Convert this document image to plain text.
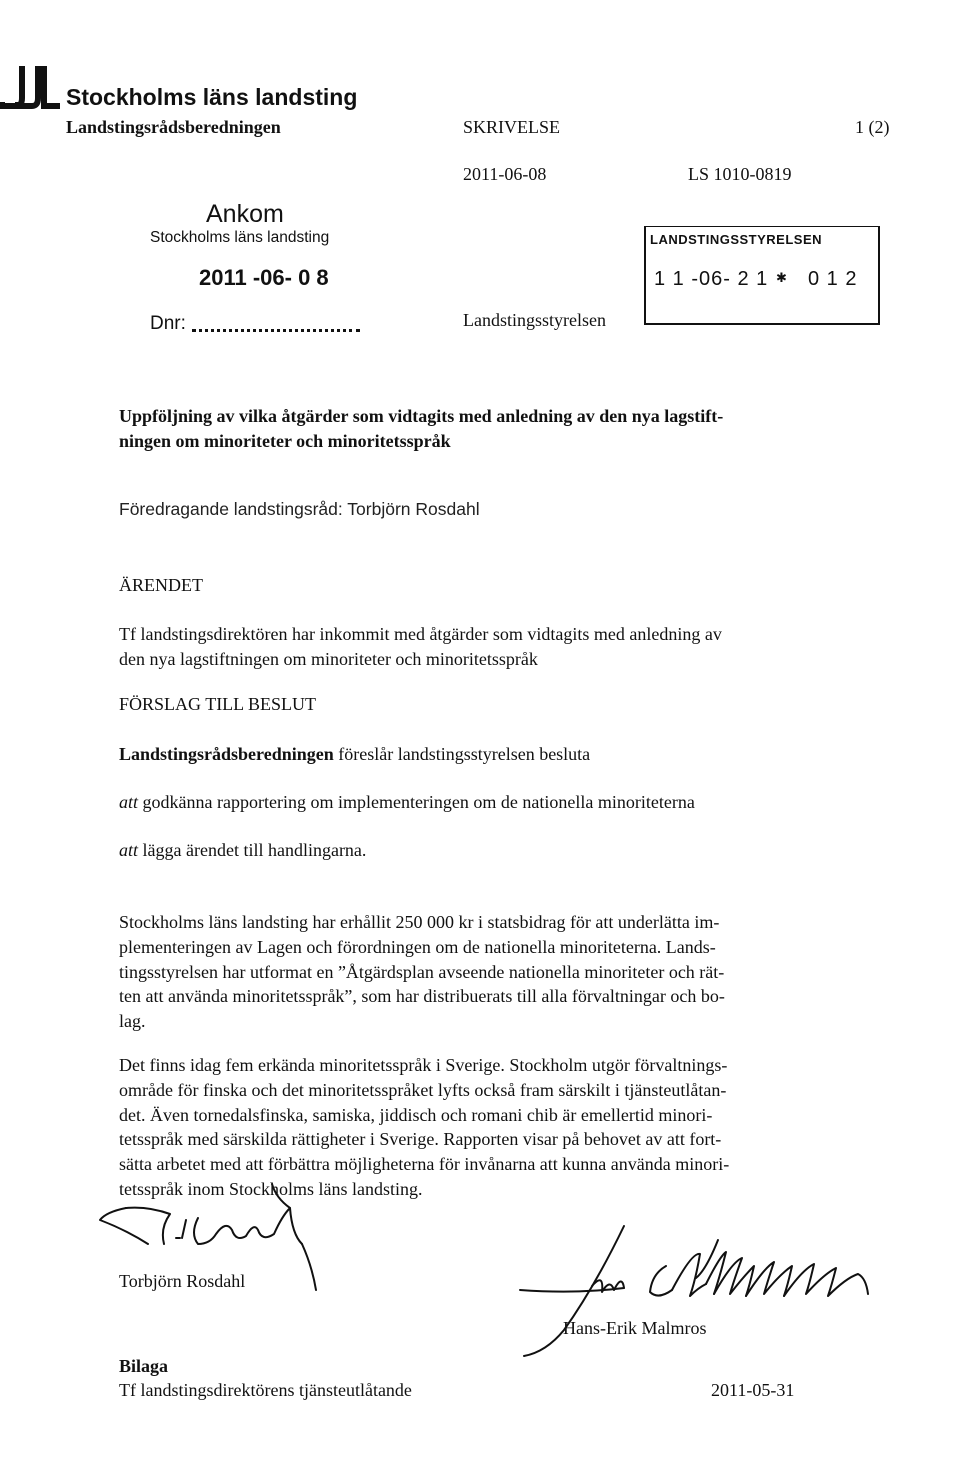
Stockholms läns landsting
Landstingsrådsberedningen	SKRIVELSE	1 (2)
2011-06-08	LS 1010-0819
Ankom
Stockholms läns landsting
2011 -06- 0 8
Dnr:	Landstingsstyrelsen
LANDSTINGSSTYRELSEN
1 1 -06- 2 1 ✱ 0 1 2
Uppföljning av vilka åtgärder som vidtagits med anledning av den nya lagstift-
ningen om minoriteter och minoritetsspråk
Föredragande landstingsråd: Torbjörn Rosdahl
ÄRENDET
Tf landstingsdirektören har inkommit med åtgärder som vidtagits med anledning av
den nya lagstiftningen om minoriteter och minoritetsspråk
FÖRSLAG TILL BESLUT
Landstingsrådsberedningen föreslår landstingsstyrelsen besluta
att godkänna rapportering om implementeringen om de nationella minoriteterna
att lägga ärendet till handlingarna.
Stockholms läns landsting har erhållit 250 000 kr i statsbidrag för att underlätta im-
plementeringen av Lagen och förordningen om de nationella minoriteterna. Lands-
tingsstyrelsen har utformat en ”Åtgärdsplan avseende nationella minoriteter och rät-
ten att använda minoritetsspråk”, som har distribuerats till alla förvaltningar och bo-
lag.
Det finns idag fem erkända minoritetsspråk i Sverige. Stockholm utgör förvaltnings-
område för finska och det minoritetsspråket lyfts också fram särskilt i tjänsteutlåtan-
det. Även tornedalsfinska, samiska, jiddisch och romani chib är emellertid minori-
tetsspråk med särskilda rättigheter i Sverige. Rapporten visar på behovet av att fort-
sätta arbetet med att förbättra möjligheterna för invånarna att kunna använda minori-
tetsspråk inom Stockholms läns landsting.
Torbjörn Rosdahl
Hans-Erik Malmros
Bilaga
Tf landstingsdirektörens tjänsteutlåtande	2011-05-31
